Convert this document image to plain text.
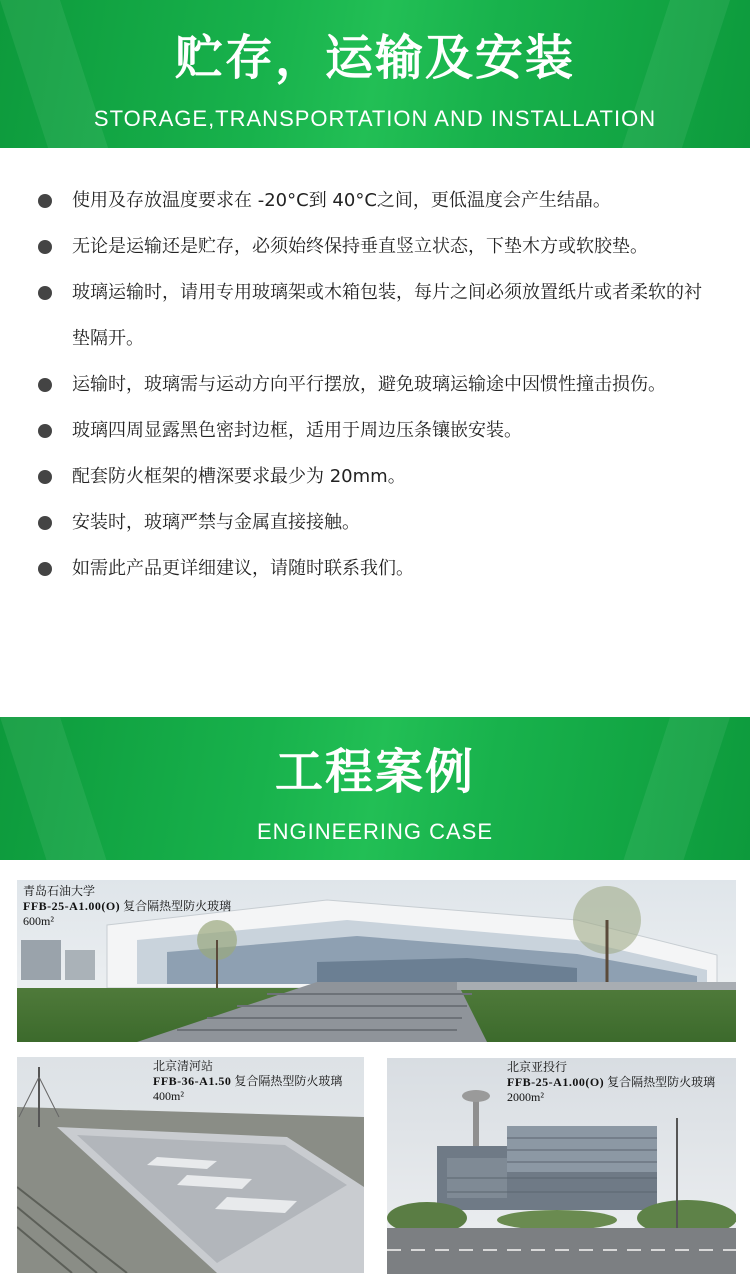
贮存，运输及安装
STORAGE,TRANSPORTATION AND INSTALLATION
使用及存放温度要求在 -20°C到 40°C之间，更低温度会产生结晶。
无论是运输还是贮存，必须始终保持垂直竖立状态，下垫木方或软胶垫。
玻璃运输时，请用专用玻璃架或木箱包装，每片之间必须放置纸片或者柔软的衬垫隔开。
运输时，玻璃需与运动方向平行摆放，避免玻璃运输途中因惯性撞击损伤。
玻璃四周显露黑色密封边框，适用于周边压条镶嵌安装。
配套防火框架的槽深要求最少为 20mm。
安装时，玻璃严禁与金属直接接触。
如需此产品更详细建议，请随时联系我们。
工程案例
ENGINEERING CASE
青岛石油大学
FFB-25-A1.00(O) 复合隔热型防火玻璃
600m²
北京清河站
FFB-36-A1.50 复合隔热型防火玻璃 400m²
北京亚投行
FFB-25-A1.00(O) 复合隔热型防火玻璃
2000m²
